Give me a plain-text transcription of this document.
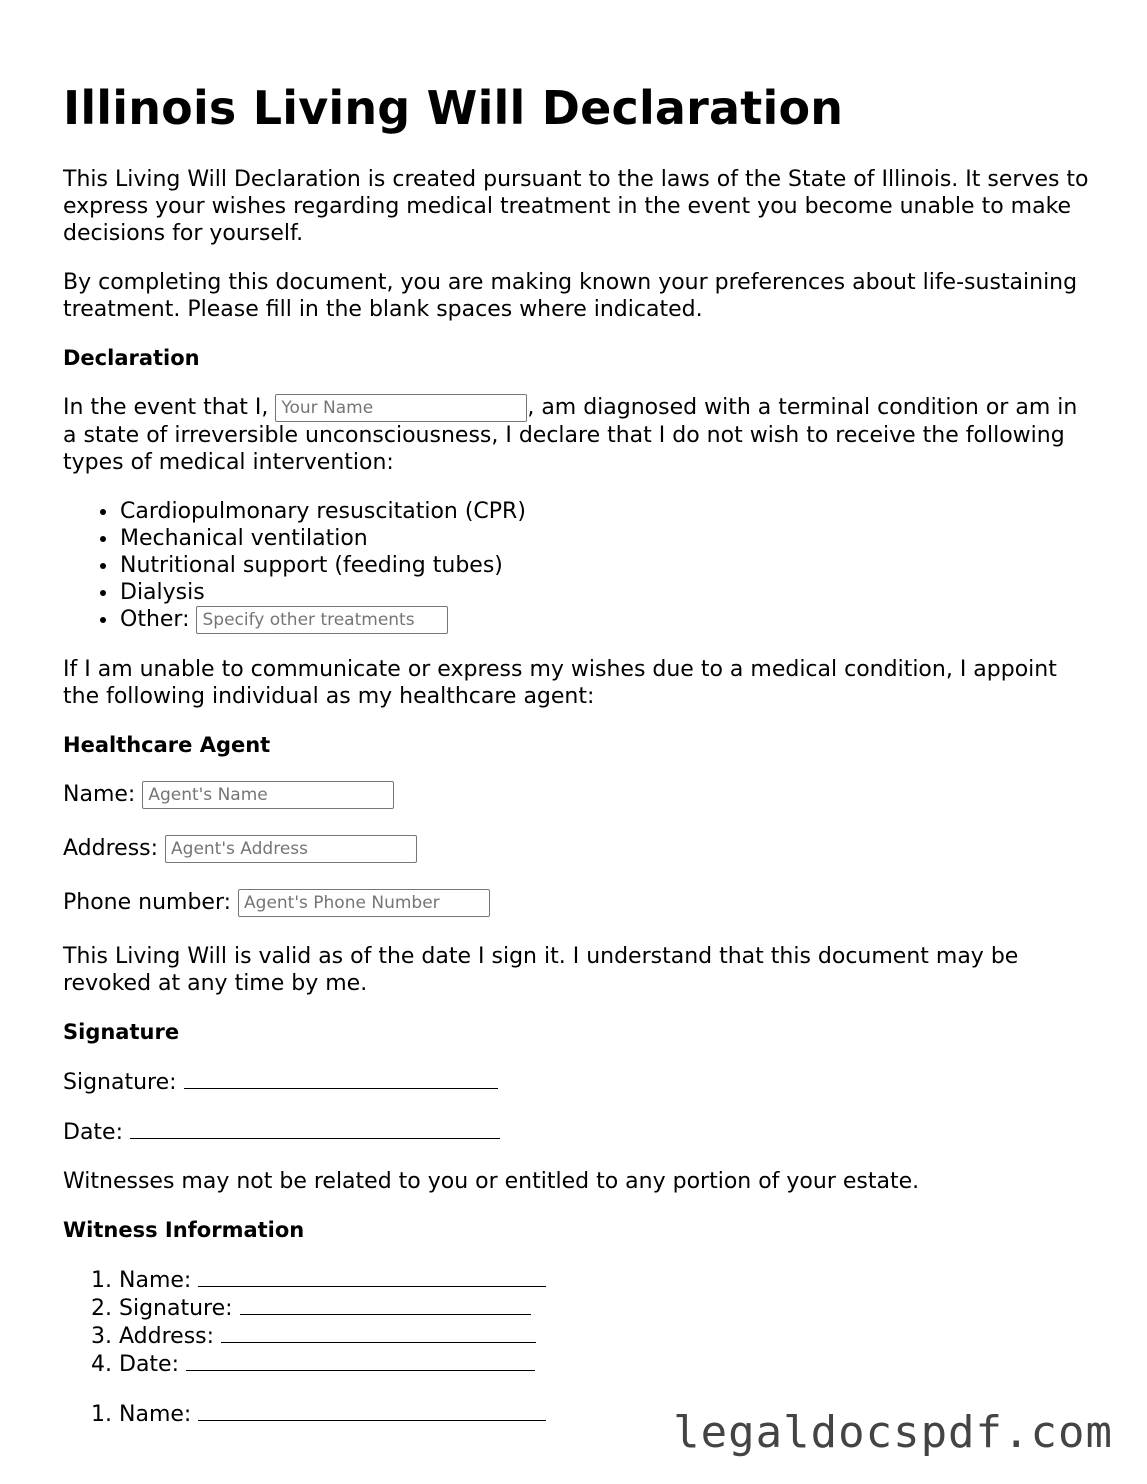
Illinois Living Will Declaration

This Living Will Declaration is created pursuant to the laws of the State of Illinois. It serves to express your wishes regarding medical treatment in the event you become unable to make decisions for yourself.

By completing this document, you are making known your preferences about life-sustaining treatment. Please fill in the blank spaces where indicated.

Declaration

In the event that I, Your Name	, am diagnosed with a terminal condition or am in a state of irreversible unconsciousness, I declare that I do not wish to receive the following types of medical intervention:

• Cardiopulmonary resuscitation (CPR)
• Mechanical ventilation
• Nutritional support (feeding tubes)
• Dialysis
• Other: Specify other treatments

If I am unable to communicate or express my wishes due to a medical condition, I appoint the following individual as my healthcare agent:

Healthcare Agent
Name: Agent's Name
Address: Agent's Address
Phone number: Agent's Phone Number

This Living Will is valid as of the date I sign it. I understand that this document may be revoked at any time by me.

Signature

Signature:

Date:

Witnesses may not be related to you or entitled to any portion of your estate.

Witness Information
1. Name:
2. Signature:
3. Address:
4. Date:
1. Name:	legaldocspdf.com
